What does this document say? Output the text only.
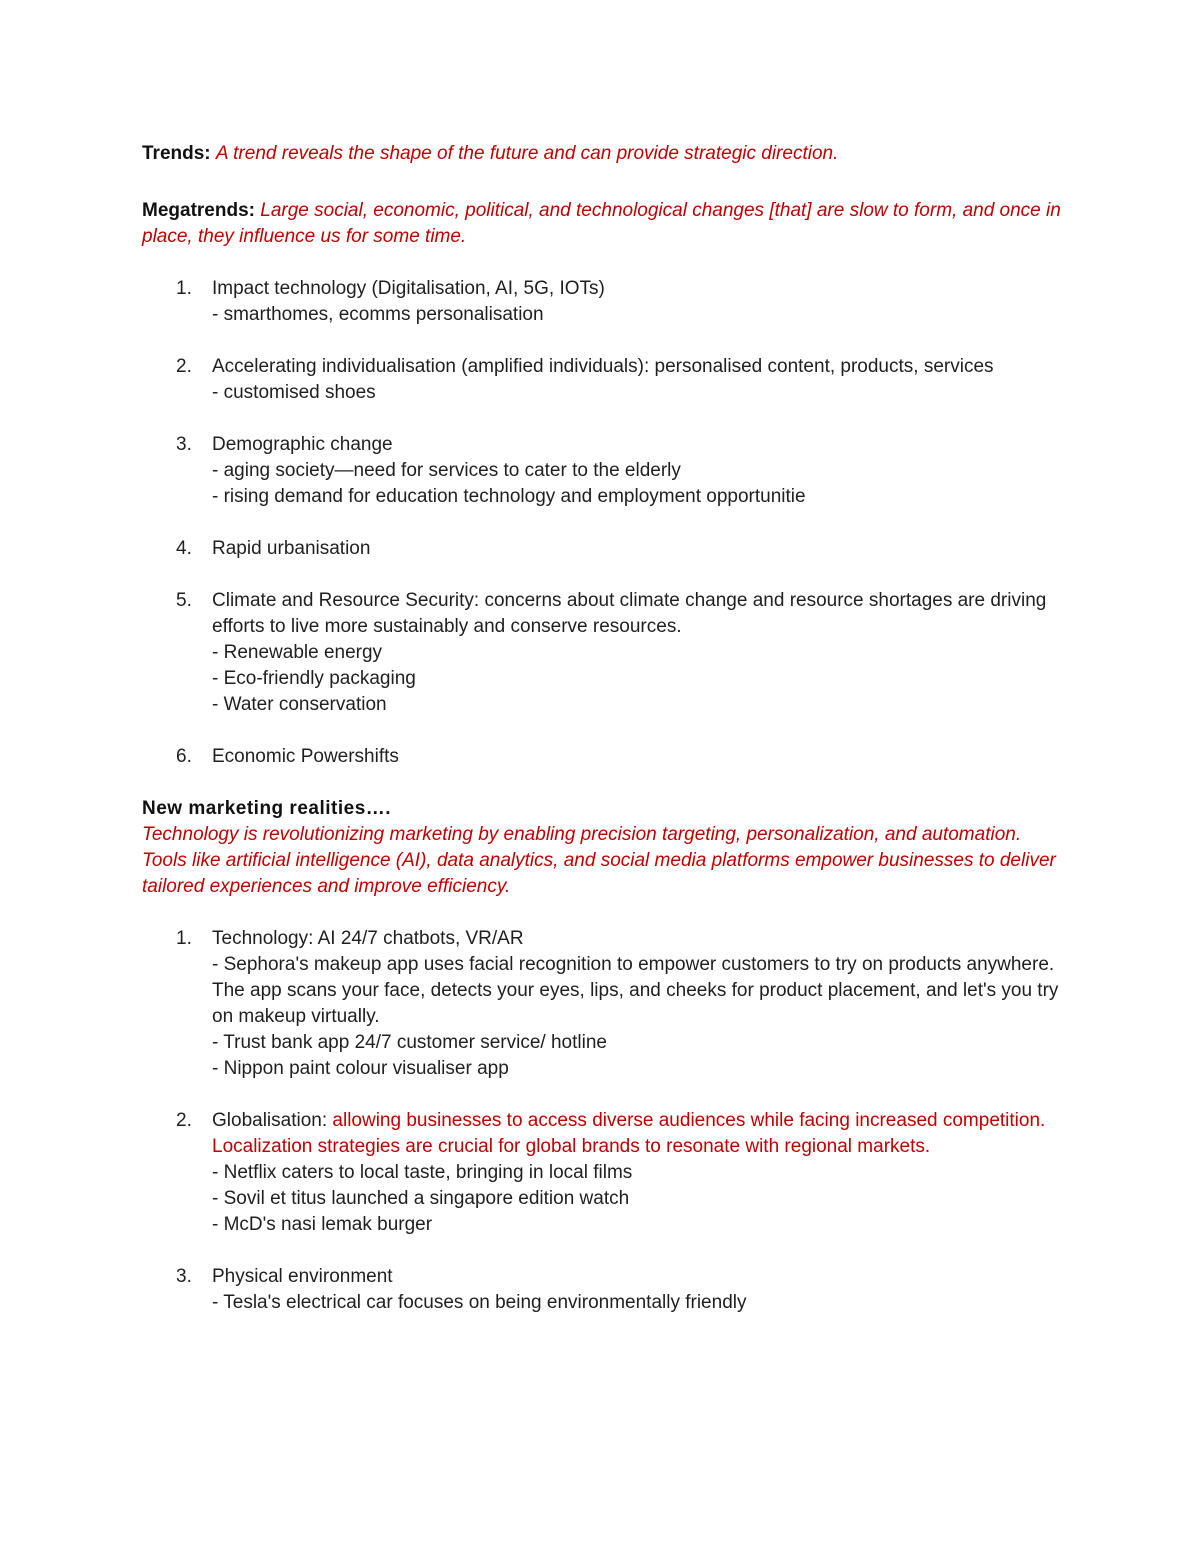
Trends: A trend reveals the shape of the future and can provide strategic direction.

Megatrends: Large social, economic, political, and technological changes [that] are slow to form, and once in place, they influence us for some time.

1. Impact technology (Digitalisation, AI, 5G, IOTs)
- smarthomes, ecomms personalisation
2. Accelerating individualisation (amplified individuals): personalised content, products, services
- customised shoes
3. Demographic change
- aging society—need for services to cater to the elderly
- rising demand for education technology and employment opportunitie
4. Rapid urbanisation
5. Climate and Resource Security: concerns about climate change and resource shortages are driving efforts to live more sustainably and conserve resources.
- Renewable energy
- Eco-friendly packaging
- Water conservation
6. Economic Powershifts

New marketing realities….

Technology is revolutionizing marketing by enabling precision targeting, personalization, and automation. Tools like artificial intelligence (AI), data analytics, and social media platforms empower businesses to deliver tailored experiences and improve efficiency.

1. Technology: AI 24/7 chatbots, VR/AR
- Sephora's makeup app uses facial recognition to empower customers to try on products anywhere. The app scans your face, detects your eyes, lips, and cheeks for product placement, and let's you try on makeup virtually.
- Trust bank app 24/7 customer service/ hotline
- Nippon paint colour visualiser app
2. Globalisation: allowing businesses to access diverse audiences while facing increased competition. Localization strategies are crucial for global brands to resonate with regional markets.
- Netflix caters to local taste, bringing in local films
- Sovil et titus launched a singapore edition watch
- McD's nasi lemak burger
3. Physical environment
- Tesla's electrical car focuses on being environmentally friendly
